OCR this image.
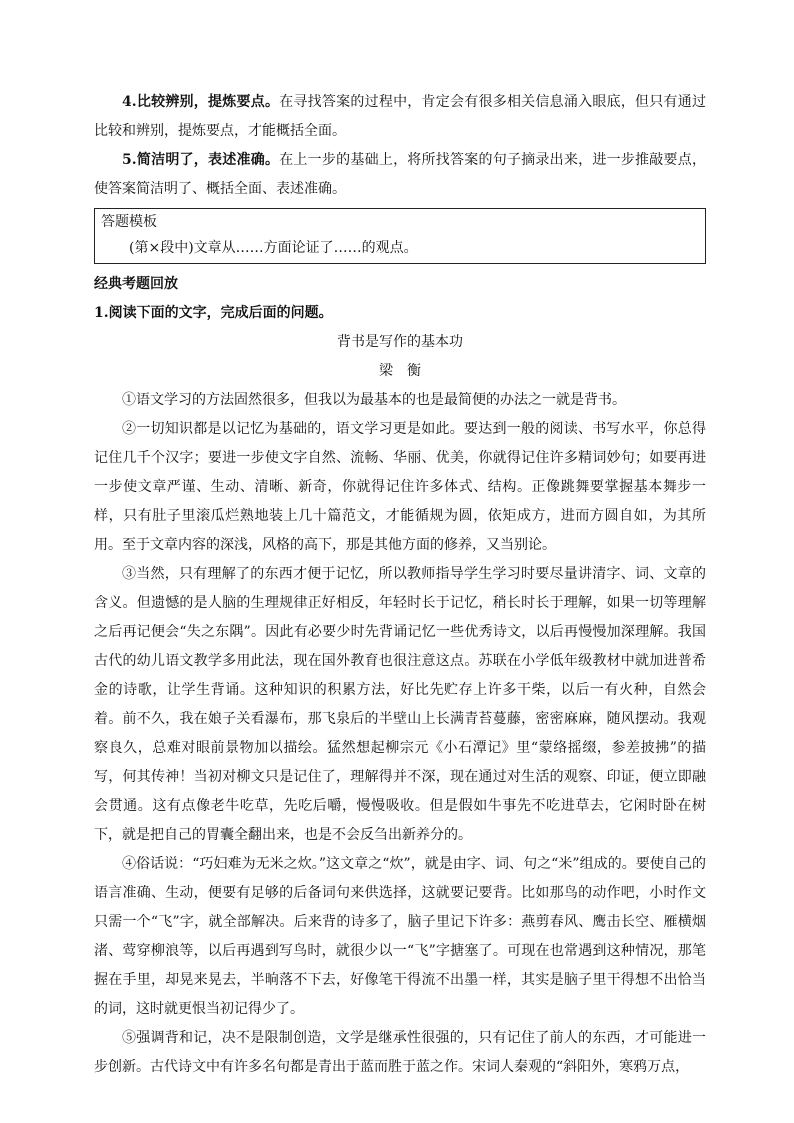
4.比较辨别，提炼要点。在寻找答案的过程中，肯定会有很多相关信息涌入眼底，但只有通过比较和辨别，提炼要点，才能概括全面。

5.简洁明了，表述准确。在上一步的基础上，将所找答案的句子摘录出来，进一步推敲要点，使答案简洁明了、概括全面、表述准确。

答题模板

(第×段中)文章从……方面论证了……的观点。

经典考题回放

1.阅读下面的文字，完成后面的问题。

背书是写作的基本功

梁衡

①语文学习的方法固然很多，但我以为最基本的也是最简便的办法之一就是背书。

②一切知识都是以记忆为基础的，语文学习更是如此。要达到一般的阅读、书写水平，你总得记住几千个汉字；要进一步使文字自然、流畅、华丽、优美，你就得记住许多精词妙句；如要再进一步使文章严谨、生动、清晰、新奇，你就得记住许多体式、结构。正像跳舞要掌握基本舞步一样，只有肚子里滚瓜烂熟地装上几十篇范文，才能循规为圆，依矩成方，进而方圆自如，为其所用。至于文章内容的深浅，风格的高下，那是其他方面的修养，又当别论。

③当然，只有理解了的东西才便于记忆，所以教师指导学生学习时要尽量讲清字、词、文章的含义。但遗憾的是人脑的生理规律正好相反，年轻时长于记忆，稍长时长于理解，如果一切等理解之后再记便会“失之东隅”。因此有必要少时先背诵记忆一些优秀诗文，以后再慢慢加深理解。我国古代的幼儿语文教学多用此法，现在国外教育也很注意这点。苏联在小学低年级教材中就加进普希金的诗歌，让学生背诵。这种知识的积累方法，好比先贮存上许多干柴，以后一有火种，自然会着。前不久，我在娘子关看瀑布，那飞泉后的半壁山上长满青苔蔓藤，密密麻麻，随风摆动。我观察良久，总难对眼前景物加以描绘。猛然想起柳宗元《小石潭记》里“蒙络摇缀，参差披拂”的描写，何其传神！当初对柳文只是记住了，理解得并不深，现在通过对生活的观察、印证，便立即融会贯通。这有点像老牛吃草，先吃后嚼，慢慢吸收。但是假如牛事先不吃进草去，它闲时卧在树下，就是把自己的胃囊全翻出来，也是不会反刍出新养分的。

④俗话说：“巧妇难为无米之炊。”这文章之“炊”，就是由字、词、句之“米”组成的。要使自己的语言准确、生动，便要有足够的后备词句来供选择，这就要记要背。比如那鸟的动作吧，小时作文只需一个“飞”字，就全部解决。后来背的诗多了，脑子里记下许多：燕剪春风、鹰击长空、雁横烟渚、莺穿柳浪等，以后再遇到写鸟时，就很少以一“飞”字搪塞了。可现在也常遇到这种情况，那笔握在手里，却晃来晃去，半晌落不下去，好像笔干得流不出墨一样，其实是脑子里干得想不出恰当的词，这时就更恨当初记得少了。

⑤强调背和记，决不是限制创造，文学是继承性很强的，只有记住了前人的东西，才可能进一步创新。古代诗文中有许多名句都是青出于蓝而胜于蓝之作。宋词人秦观的“斜阳外，寒鸦万点，
